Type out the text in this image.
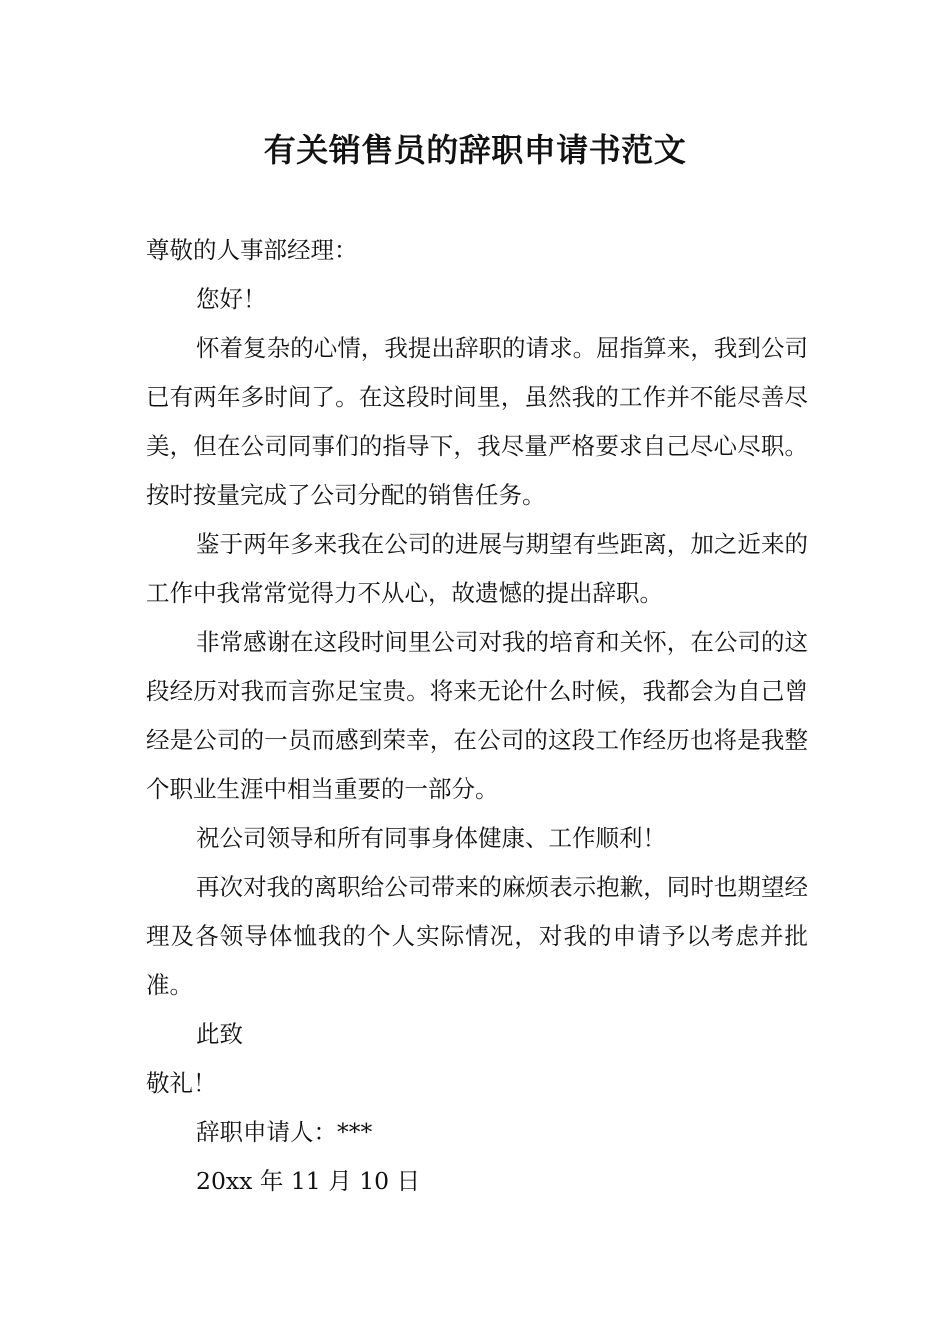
有关销售员的辞职申请书范文

尊敬的人事部经理：

您好！

怀着复杂的心情，我提出辞职的请求。屈指算来，我到公司已有两年多时间了。在这段时间里，虽然我的工作并不能尽善尽美，但在公司同事们的指导下，我尽量严格要求自己尽心尽职。按时按量完成了公司分配的销售任务。

鉴于两年多来我在公司的进展与期望有些距离，加之近来的工作中我常常觉得力不从心，故遗憾的提出辞职。

非常感谢在这段时间里公司对我的培育和关怀，在公司的这段经历对我而言弥足宝贵。将来无论什么时候，我都会为自己曾经是公司的一员而感到荣幸，在公司的这段工作经历也将是我整个职业生涯中相当重要的一部分。

祝公司领导和所有同事身体健康、工作顺利！

再次对我的离职给公司带来的麻烦表示抱歉，同时也期望经理及各领导体恤我的个人实际情况，对我的申请予以考虑并批准。

此致

敬礼！

辞职申请人：***

20xx 年 11 月 10 日
